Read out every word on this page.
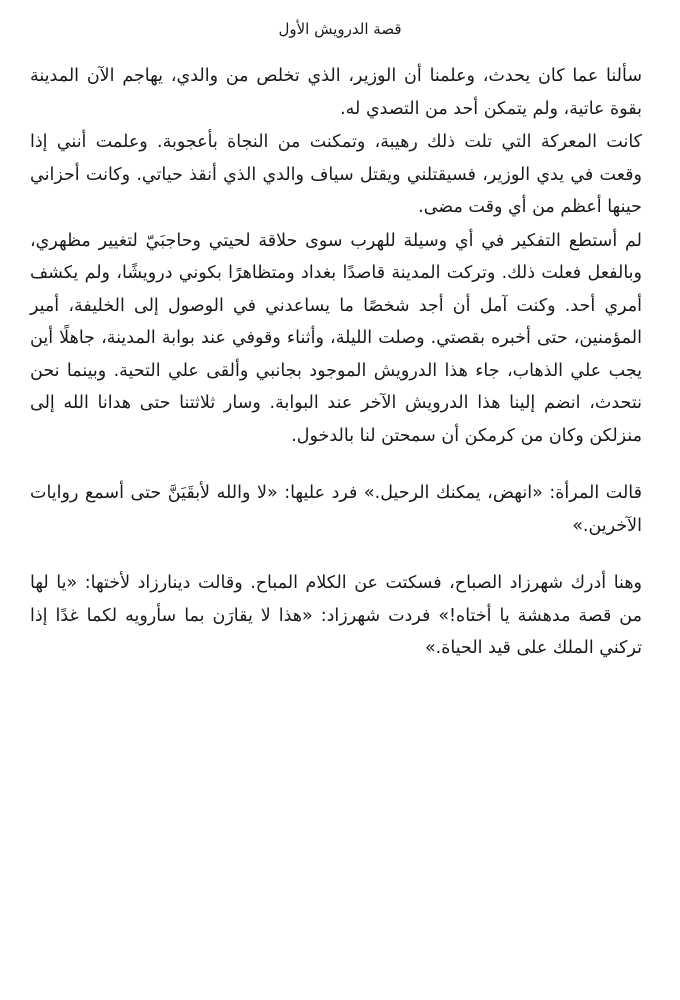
قصة الدرويش الأول

سألنا عما كان يحدث، وعلمنا أن الوزير، الذي تخلص من والدي، يهاجم الآن المدينة بقوة عاتية، ولم يتمكن أحد من التصدي له.

كانت المعركة التي تلت ذلك رهيبة، وتمكنت من النجاة بأعجوبة. وعلمت أنني إذا وقعت في يدي الوزير، فسيقتلني ويقتل سياف والدي الذي أنقذ حياتي. وكانت أحزاني حينها أعظم من أي وقت مضى.

لم أستطع التفكير في أي وسيلة للهرب سوى حلاقة لحيتي وحاجبَيّ لتغيير مظهري، وبالفعل فعلت ذلك. وتركت المدينة قاصدًا بغداد ومتظاهرًا بكوني درويشًا، ولم يكشف أمري أحد. وكنت آمل أن أجد شخصًا ما يساعدني في الوصول إلى الخليفة، أمير المؤمنين، حتى أخبره بقصتي. وصلت الليلة، وأثناء وقوفي عند بوابة المدينة، جاهلًا أين يجب علي الذهاب، جاء هذا الدرويش الموجود بجانبي وألقى علي التحية. وبينما نحن نتحدث، انضم إلينا هذا الدرويش الآخر عند البوابة. وسار ثلاثتنا حتى هدانا الله إلى منزلكن وكان من كرمكن أن سمحتن لنا بالدخول.

قالت المرأة: «انهض، يمكنك الرحيل.» فرد عليها: «لا والله لأبقَيَنَّ حتى أسمع روايات الآخرين.»

وهنا أدرك شهرزاد الصباح، فسكتت عن الكلام المباح. وقالت دينارزاد لأختها: «يا لها من قصة مدهشة يا أختاه!» فردت شهرزاد: «هذا لا يقارَن بما سأرويه لكما غدًا إذا تركني الملك على قيد الحياة.»
